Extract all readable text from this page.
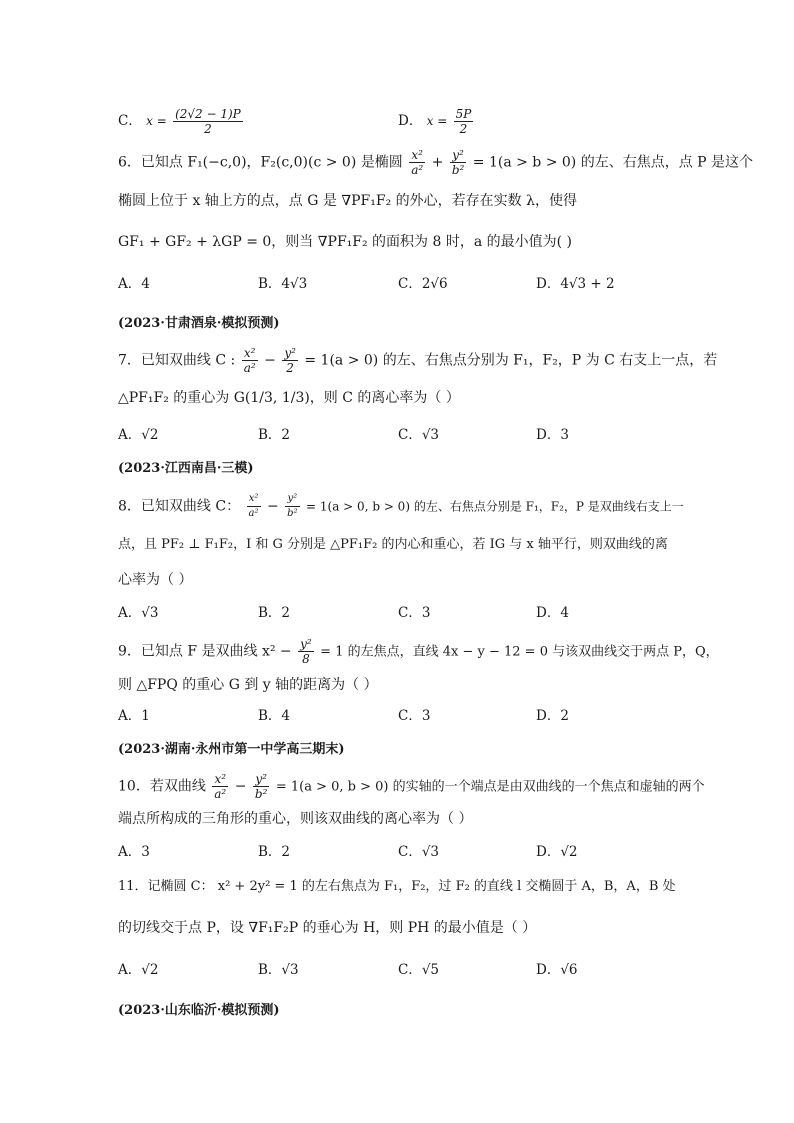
C． $x = \frac{(2√2 - 1)P}{2}$	D． $x = \frac{5P}{2}$
6．已知点 F₁(−c,0)，F₂(c,0)(c > 0) 是椭圆 $\frac{\text{x²}}{\text{a²}} + \frac{\text{y²}}{\text{b²}} = 1(a > b > 0)$ 的左、右焦点，点 P 是这个
椭圆上位于 x 轴上方的点，点 G 是 ∇PF₁F₂ 的外心，若存在实数 λ，使得
GF₁ + GF₂ + λGP = 0，则当 ∇PF₁F₂ 的面积为 8 时，a 的最小值为( )
A．4	B．4√3	C．2√6	D．4√3 + 2
(2023·甘肃酒泉·模拟预测)
7．已知双曲线 C : $\frac{\text{x²}}{\text{a²}} - \frac{\text{y²}}{2} = 1(a > 0)$ 的左、右焦点分别为 F₁，F₂，P 为 C 右支上一点，若
△PF₁F₂ 的重心为 G(1/3, 1/3)，则 C 的离心率为（ ）
A．√2	B．2	C．√3	D．3
(2023·江西南昌·三模)
8．已知双曲线 C： $\frac{\text{x²}}{\text{a²}} - \frac{\text{y²}}{\text{b²}} = 1(a > 0$, b > 0) 的左、右焦点分别是 F₁，F₂，P 是双曲线右支上一
点，且 PF₂ ⊥ F₁F₂，I 和 G 分别是 △PF₁F₂ 的内心和重心，若 IG 与 x 轴平行，则双曲线的离
心率为（ ）
A．√3	B．2	C．3	D．4
9．已知点 F 是双曲线 $x^2 - \frac{\text{y²}}{8} = 1$ 的左焦点，直线 4x − y − 12 = 0 与该双曲线交于两点 P，Q，
则 △FPQ 的重心 G 到 y 轴的距离为（ ）
A．1	B．4	C．3	D．2
(2023·湖南·永州市第一中学高三期末)
10．若双曲线 $\frac{\text{x²}}{\text{a²}} - \frac{\text{y²}}{\text{b²}} = 1(a > 0$, b > 0) 的实轴的一个端点是由双曲线的一个焦点和虚轴的两个
端点所构成的三角形的重心，则该双曲线的离心率为（ ）
A．3	B．2	C．√3	D．√2
11．记椭圆 C： x² + 2y² = 1 的左右焦点为 F₁，F₂，过 F₂ 的直线 l 交椭圆于 A，B，A，B 处
的切线交于点 P，设 ∇F₁F₂P 的垂心为 H，则 PH 的最小值是（ ）
A．√2	B．√3	C．√5	D．√6
(2023·山东临沂·模拟预测)
